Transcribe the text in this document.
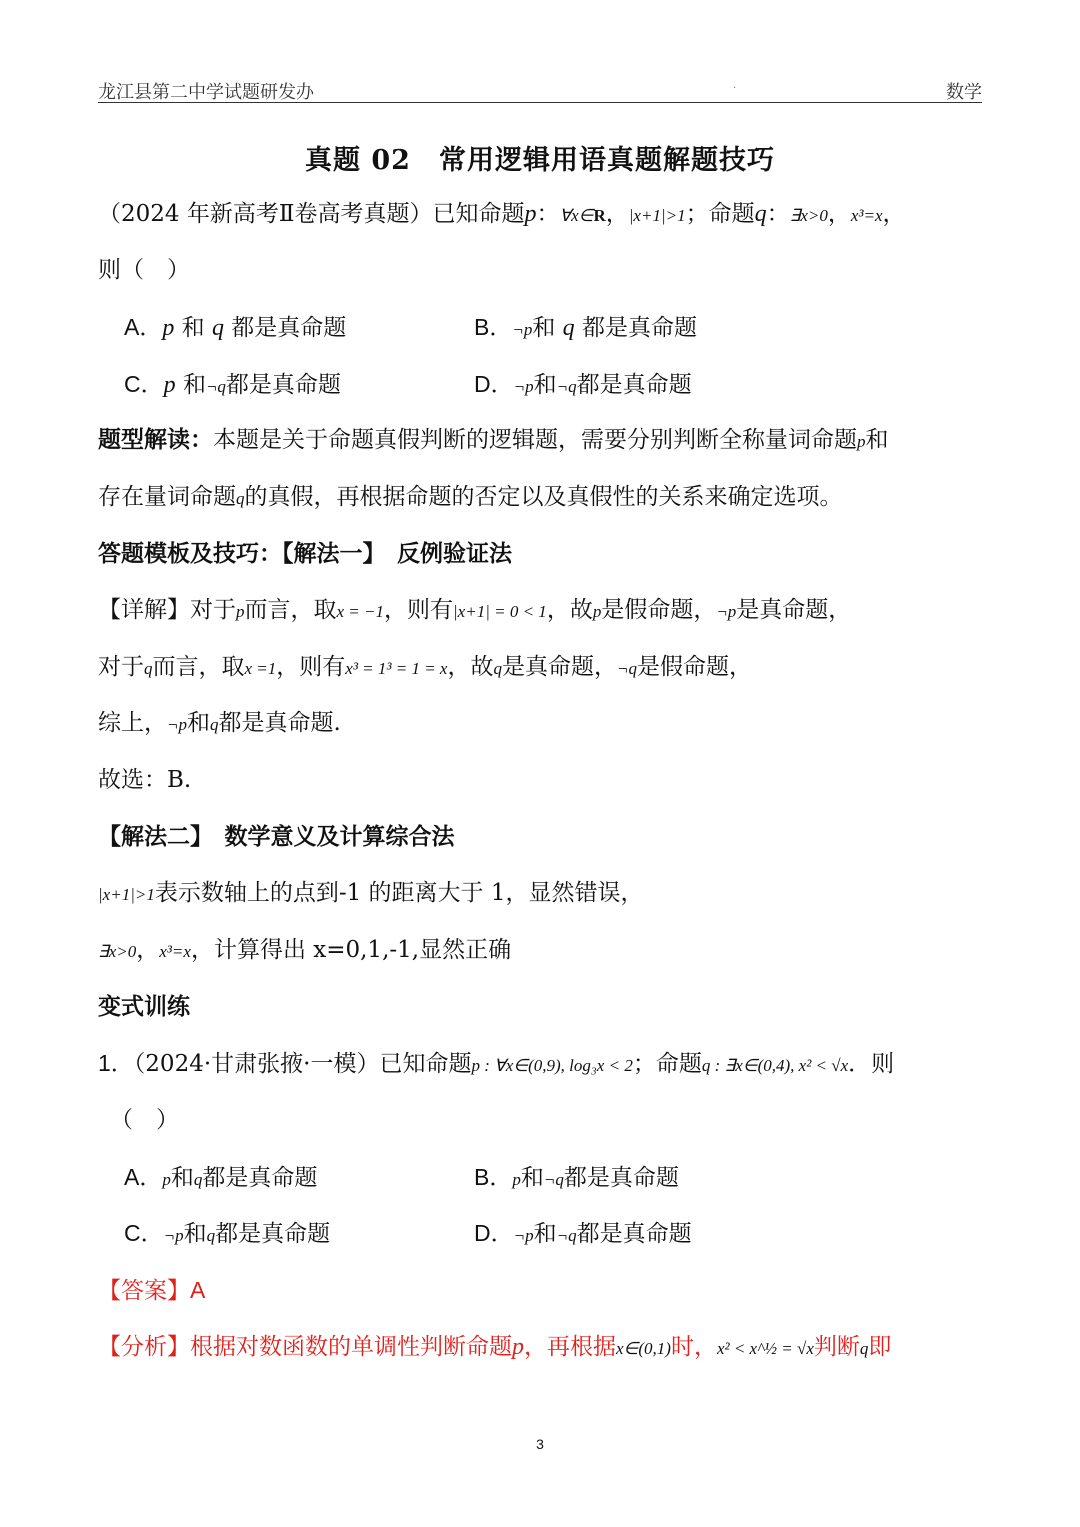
龙江县第二中学试题研发办	.	数学
真题 02　常用逻辑用语真题解题技巧
（2024 年新高考Ⅱ卷高考真题）已知命题p：∀x∈R，|x+1|>1；命题q：∃x>0，x³=x，
则（　）
A．p 和 q 都是真命题	B．¬p和 q 都是真命题
C．p 和¬q都是真命题	D．¬p和¬q都是真命题
题型解读：本题是关于命题真假判断的逻辑题，需要分别判断全称量词命题p和
存在量词命题q的真假，再根据命题的否定以及真假性的关系来确定选项。
答题模板及技巧：【解法一】　反例验证法
【详解】对于p而言，取x = −1，则有|x+1| = 0 < 1，故p是假命题，¬p是真命题，
对于q而言，取x =1，则有x³ = 1³ = 1 = x，故q是真命题，¬q是假命题，
综上，¬p和q都是真命题.
故选：B.
【解法二】　数学意义及计算综合法
|x+1|>1表示数轴上的点到-1 的距离大于 1，显然错误，
∃x>0，x³=x，计算得出 x=0,1,-1,显然正确
变式训练
1．（2024·甘肃张掖·一模）已知命题p : ∀x∈(0,9), log₃x < 2；命题q : ∃x∈(0,4), x² < √x．则
（　）
A．p和q都是真命题	B．p和¬q都是真命题
C．¬p和q都是真命题	D．¬p和¬q都是真命题
【答案】A
【分析】根据对数函数的单调性判断命题p，再根据x∈(0,1)时，x² < x^½ = √x判断q即
3
